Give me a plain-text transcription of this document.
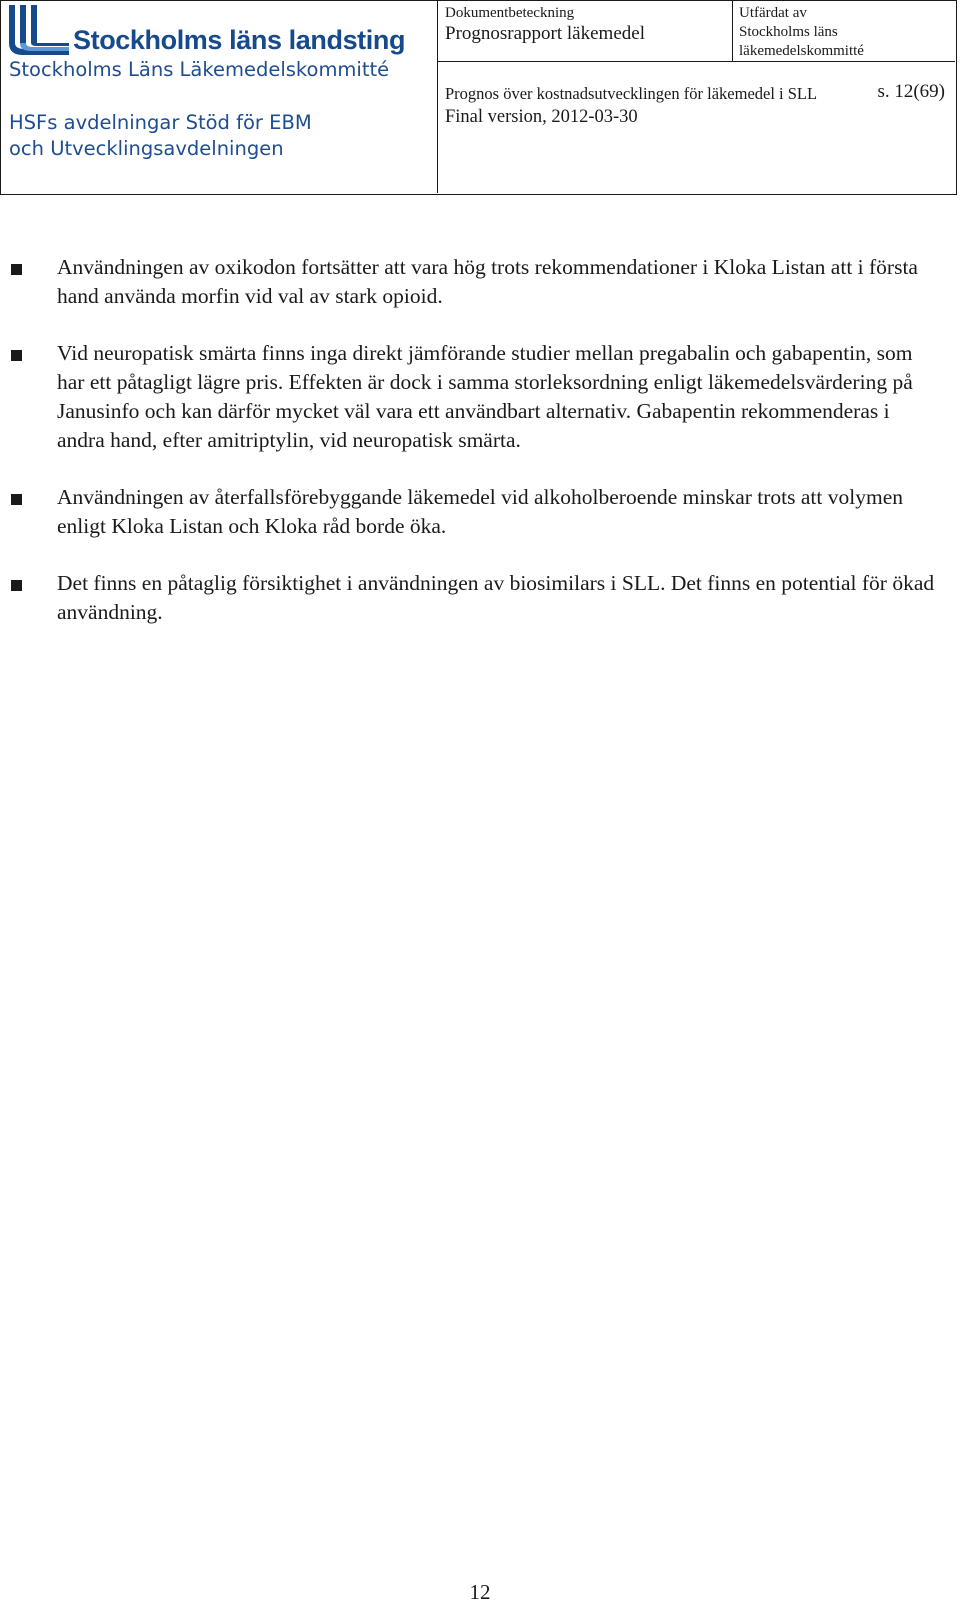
Stockholms läns landsting
Stockholms Läns Läkemedelskommitté
HSFs avdelningar Stöd för EBM
och Utvecklingsavdelningen
Dokumentbeteckning
Prognosrapport läkemedel
Utfärdat av
Stockholms läns
läkemedelskommitté
Prognos över kostnadsutvecklingen för läkemedel i SLL	s. 12(69)
Final version, 2012-03-30
Användningen av oxikodon fortsätter att vara hög trots rekommendationer i Kloka Listan att i första hand använda morfin vid val av stark opioid.
Vid neuropatisk smärta finns inga direkt jämförande studier mellan pregabalin och gabapentin, som har ett påtagligt lägre pris. Effekten är dock i samma storleksordning enligt läkemedelsvärdering på Janusinfo och kan därför mycket väl vara ett användbart alternativ. Gabapentin rekommenderas i andra hand, efter amitriptylin, vid neuropatisk smärta.
Användningen av återfallsförebyggande läkemedel vid alkoholberoende minskar trots att volymen enligt Kloka Listan och Kloka råd borde öka.
Det finns en påtaglig försiktighet i användningen av biosimilars i SLL. Det finns en potential för ökad användning.
12
